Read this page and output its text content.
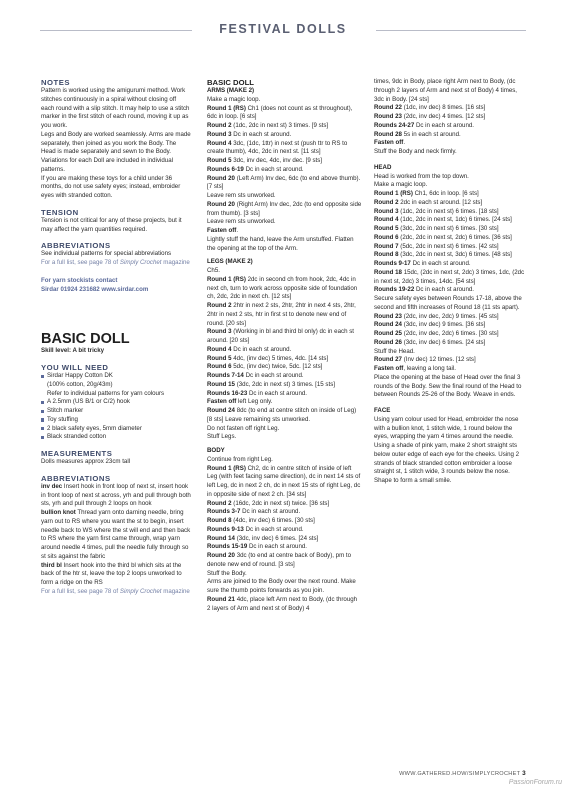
FESTIVAL DOLLS
NOTES
Pattern is worked using the amigurumi method. Work stitches continuously in a spiral without closing off each round with a slip stitch. It may help to use a stitch marker in the first stitch of each round, moving it up as you work.
Legs and Body are worked seamlessly. Arms are made separately, then joined as you work the Body. The Head is made separately and sewn to the Body. Variations for each Doll are included in individual patterns.
If you are making these toys for a child under 36 months, do not use safety eyes; instead, embroider eyes with stranded cotton.
TENSION
Tension is not critical for any of these projects, but it may affect the yarn quantities required.
ABBREVIATIONS
See individual patterns for special abbreviations
For a full list, see page 78 of Simply Crochet magazine
For yarn stockists contact
Sirdar 01924 231682 www.sirdar.com
BASIC DOLL
Skill level: A bit tricky
YOU WILL NEED
Sirdar Happy Cotton DK
(100% cotton, 20g/43m)
Refer to individual patterns for yarn colours
A 2.5mm (US B/1 or C/2) hook
Stitch marker
Toy stuffing
2 black safety eyes, 5mm diameter
Black stranded cotton
MEASUREMENTS
Dolls measures approx 23cm tall
ABBREVIATIONS
inv dec Insert hook in front loop of next st, insert hook in front loop of next st across, yrh and pull through both sts, yrh and pull through 2 loops on hook
bullion knot Thread yarn onto darning needle, bring yarn out to RS where you want the st to begin, insert needle back to WS where the st will end and then back to RS where the yarn first came through, wrap yarn around needle 4 times, pull the needle fully through so st sits against the fabric
third bl Insert hook into the third bl which sits at the back of the htr st, leave the top 2 loops unworked to form a ridge on the RS
For a full list, see page 78 of Simply Crochet magazine
BASIC DOLL
ARMS (MAKE 2)
Make a magic loop.
Round 1 (RS) Ch1 (does not count as st throughout), 6dc in loop. [6 sts]
Round 2 (1dc, 2dc in next st) 3 times. [9 sts]
Round 3 Dc in each st around.
Round 4 3dc, (1dc, 1ttr) in next st (push ttr to RS to create thumb), 4dc, 2dc in next st. [11 sts]
Round 5 3dc, inv dec, 4dc, inv dec. [9 sts]
Rounds 6-19 Dc in each st around.
Round 20 (Left Arm) Inv dec, 6dc (to end above thumb). [7 sts]
Leave rem sts unworked.
Round 20 (Right Arm) Inv dec, 2dc (to end opposite side from thumb). [3 sts]
Leave rem sts unworked.
Fasten off.
Lightly stuff the hand, leave the Arm unstuffed. Flatten the opening at the top of the Arm.
LEGS (MAKE 2)
Ch5.
Round 1 (RS) 2dc in second ch from hook, 2dc, 4dc in next ch, turn to work across opposite side of foundation ch, 2dc, 2dc in next ch. [12 sts]
Round 2 2htr in next 2 sts, 2htr, 2htr in next 4 sts, 2htr, 2htr in next 2 sts, htr in first st to denote new end of round. [20 sts]
Round 3 (Working in bl and third bl only) dc in each st around. [20 sts]
Round 4 Dc in each st around.
Round 5 4dc, (inv dec) 5 times, 4dc. [14 sts]
Round 6 5dc, (inv dec) twice, 5dc. [12 sts]
Rounds 7-14 Dc in each st around.
Round 15 (3dc, 2dc in next st) 3 times. [15 sts]
Rounds 16-23 Dc in each st around.
Fasten off left Leg only.
Round 24 8dc (to end at centre stitch on inside of Leg) [8 sts] Leave remaining sts unworked.
Do not fasten off right Leg.
Stuff Legs.
BODY
Continue from right Leg.
Round 1 (RS) Ch2, dc in centre stitch of inside of left Leg (with feet facing same direction), dc in next 14 sts of left Leg, dc in next 2 ch, dc in next 15 sts of right Leg, dc in opposite side of next 2 ch. [34 sts]
Round 2 (16dc, 2dc in next st) twice. [36 sts]
Rounds 3-7 Dc in each st around.
Round 8 (4dc, inv dec) 6 times. [30 sts]
Rounds 9-13 Dc in each st around.
Round 14 (3dc, inv dec) 6 times. [24 sts]
Rounds 15-19 Dc in each st around.
Round 20 3dc (to end at centre back of Body), pm to denote new end of round. [3 sts]
Stuff the Body.
Arms are joined to the Body over the next round. Make sure the thumb points forwards as you join.
Round 21 4dc, place left Arm next to Body, (dc through 2 layers of Arm and next st of Body) 4
times, 9dc in Body, place right Arm next to Body, (dc through 2 layers of Arm and next st of Body) 4 times, 3dc in Body. [24 sts]
Round 22 (1dc, inv dec) 8 times. [16 sts]
Round 23 (2dc, inv dec) 4 times. [12 sts]
Rounds 24-27 Dc in each st around.
Round 28 5s in each st around.
Fasten off.
Stuff the Body and neck firmly.
HEAD
Head is worked from the top down.
Make a magic loop.
Round 1 (RS) Ch1, 6dc in loop. [6 sts]
Round 2 2dc in each st around. [12 sts]
Round 3 (1dc, 2dc in next st) 6 times. [18 sts]
Round 4 (1dc, 2dc in next st, 1dc) 6 times. [24 sts]
Round 5 (3dc, 2dc in next st) 6 times. [30 sts]
Round 6 (2dc, 2dc in next st, 2dc) 6 times. [36 sts]
Round 7 (5dc, 2dc in next st) 6 times. [42 sts]
Round 8 (3dc, 2dc in next st, 3dc) 6 times. [48 sts]
Rounds 9-17 Dc in each st around.
Round 18 15dc, (2dc in next st, 2dc) 3 times, 1dc, (2dc in next st, 2dc) 3 times, 14dc. [54 sts]
Rounds 19-22 Dc in each st around.
Secure safety eyes between Rounds 17-18, above the second and fifth increases of Round 18 (11 sts apart).
Round 23 (2dc, inv dec, 2dc) 9 times. [45 sts]
Round 24 (3dc, inv dec) 9 times. [36 sts]
Round 25 (2dc, inv dec, 2dc) 6 times. [30 sts]
Round 26 (3dc, inv dec) 6 times. [24 sts]
Stuff the Head.
Round 27 (Inv dec) 12 times. [12 sts]
Fasten off, leaving a long tail.
Place the opening at the base of Head over the final 3 rounds of the Body. Sew the final round of the Head to between Rounds 25-26 of the Body. Weave in ends.
FACE
Using yarn colour used for Head, embroider the nose with a bullion knot, 1 stitch wide, 1 round below the eyes, wrapping the yarn 4 times around the needle.
Using a shade of pink yarn, make 2 short straight sts below outer edge of each eye for the cheeks. Using 2 strands of black stranded cotton embroider a loose straight st, 1 stitch wide, 3 rounds below the nose. Shape to form a small smile.
WWW.GATHERED.HOW/SIMPLYCROCHET 3
PassionForum.ru
